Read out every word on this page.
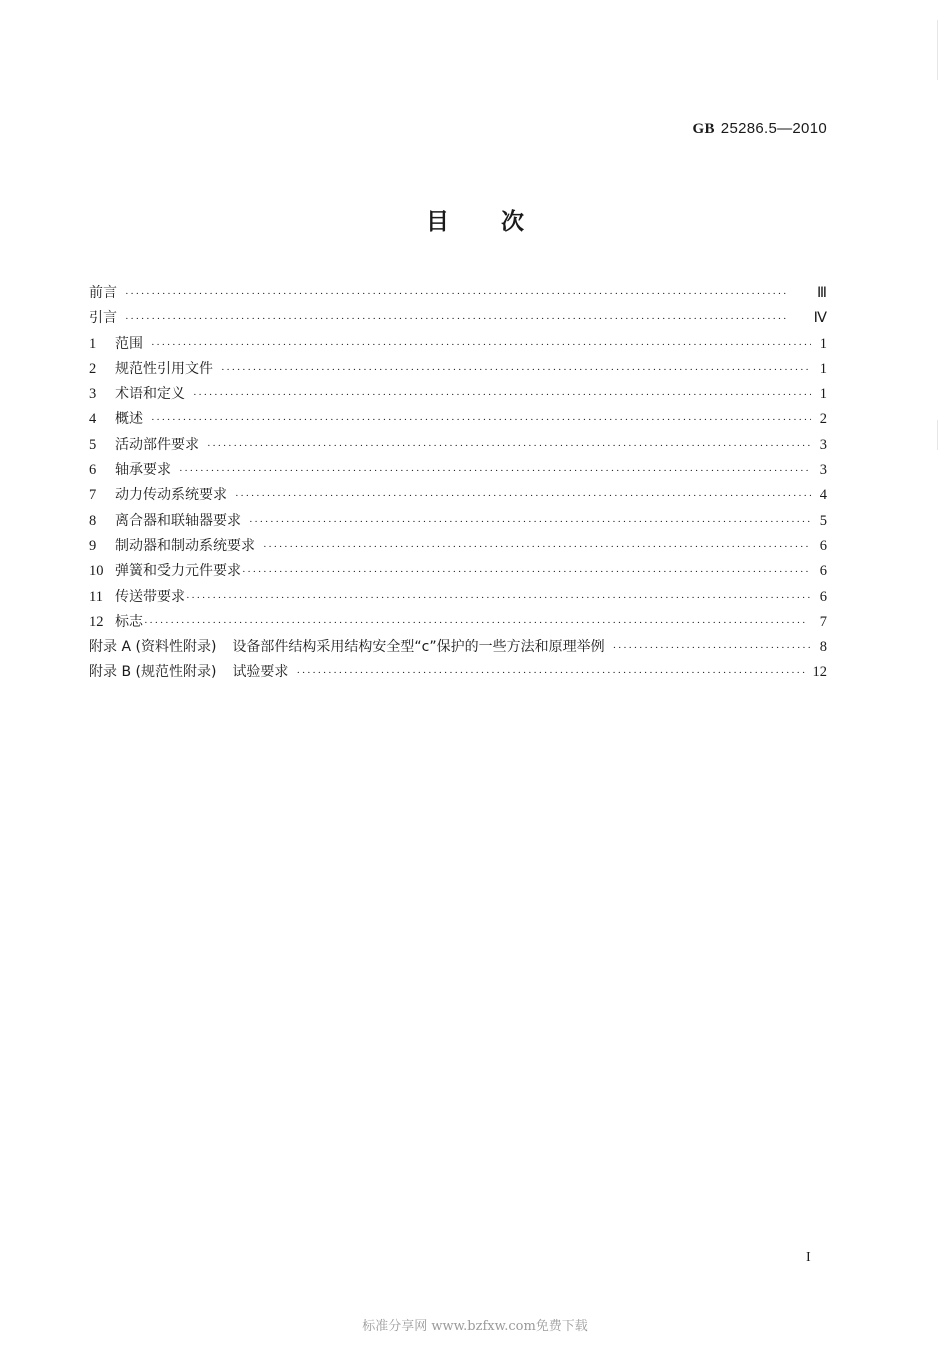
GB 25286.5—2010
目 次
前言 ·····	Ⅲ
引言 ·····	Ⅳ
1	范围 ·····	1
2	规范性引用文件 ·····	1
3	术语和定义 ·····	1
4	概述 ·····	2
5	活动部件要求 ·····	3
6	轴承要求 ·····	3
7	动力传动系统要求 ·····	4
8	离合器和联轴器要求 ·····	5
9	制动器和制动系统要求 ·····	6
10 弹簧和受力元件要求 ·····	6
11 传送带要求 ·····	6
12 标志 ·····	7
附录 A (资料性附录) 设备部件结构采用结构安全型“c”保护的一些方法和原理举例 ·····	8
附录 B (规范性附录) 试验要求 ·····	12
I
标准分享网 www.bzfxw.com免费下载
